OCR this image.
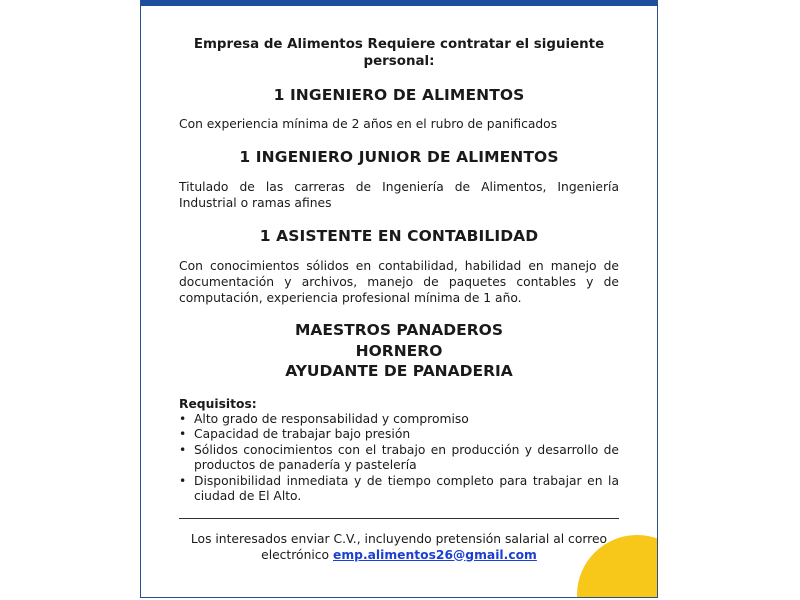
Empresa de Alimentos Requiere contratar el siguiente personal:

1 INGENIERO DE ALIMENTOS

Con experiencia mínima de 2 años en el rubro de panificados

1 INGENIERO JUNIOR DE ALIMENTOS

Titulado de las carreras de Ingeniería de Alimentos, Ingeniería Industrial o ramas afines

1 ASISTENTE EN CONTABILIDAD

Con conocimientos sólidos en contabilidad, habilidad en manejo de documentación y archivos, manejo de paquetes contables y de computación, experiencia profesional mínima de 1 año.

MAESTROS PANADEROS
HORNERO
AYUDANTE DE PANADERIA
Requisitos:
• Alto grado de responsabilidad y compromiso
• Capacidad de trabajar bajo presión
• Sólidos conocimientos con el trabajo en producción y desarrollo de productos de panadería y pastelería
• Disponibilidad inmediata y de tiempo completo para trabajar en la ciudad de El Alto.
Los interesados enviar C.V., incluyendo pretensión salarial al correo electrónico emp.alimentos26@gmail.com
